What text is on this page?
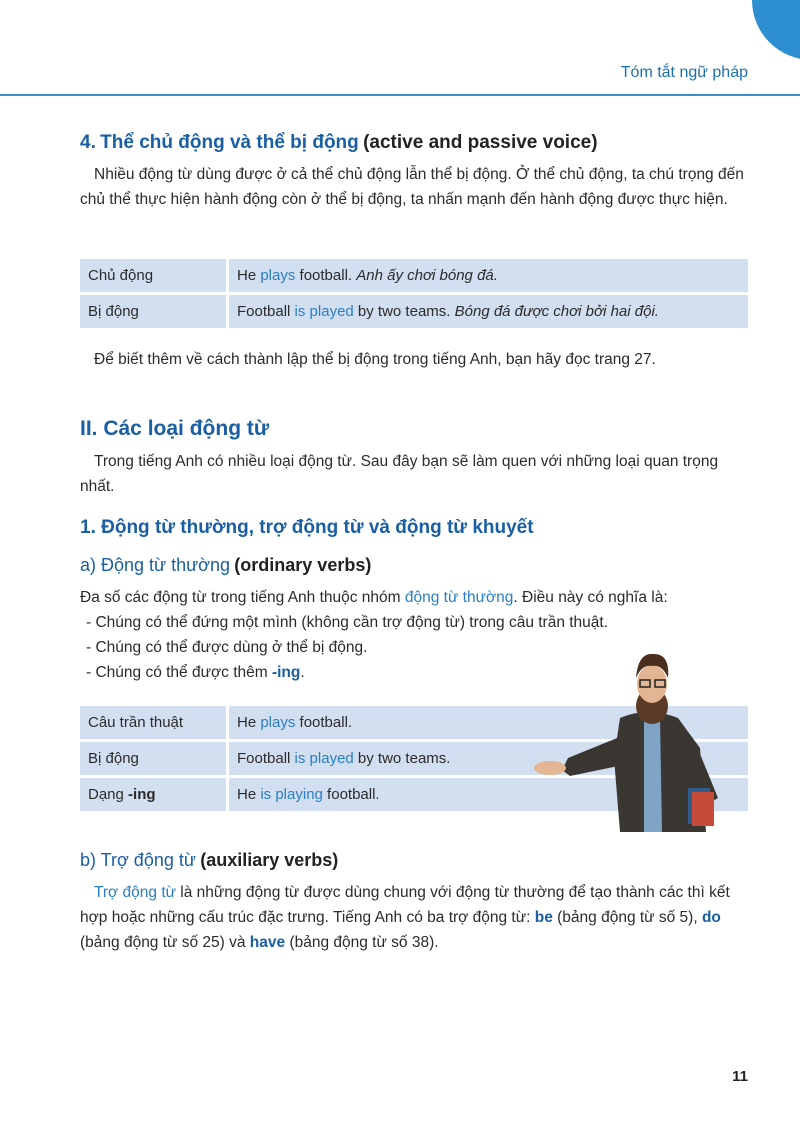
Tóm tắt ngữ pháp
4. Thể chủ động và thể bị động (active and passive voice)
Nhiều động từ dùng được ở cả thể chủ động lẫn thể bị động. Ở thể chủ động, ta chú trọng đến chủ thể thực hiện hành động còn ở thể bị động, ta nhấn mạnh đến hành động được thực hiện.
Chủ động	He plays football. Anh ấy chơi bóng đá.
Bị động	Football is played by two teams. Bóng đá được chơi bởi hai đội.
Để biết thêm về cách thành lập thể bị động trong tiếng Anh, bạn hãy đọc trang 27.
II. Các loại động từ
Trong tiếng Anh có nhiều loại động từ. Sau đây bạn sẽ làm quen với những loại quan trọng nhất.
1. Động từ thường, trợ động từ và động từ khuyết
a) Động từ thường (ordinary verbs)
Đa số các động từ trong tiếng Anh thuộc nhóm động từ thường. Điều này có nghĩa là:
- Chúng có thể đứng một mình (không cần trợ động từ) trong câu trần thuật.
- Chúng có thể được dùng ở thể bị động.
- Chúng có thể được thêm -ing.
Câu trần thuật	He plays football.
Bị động	Football is played by two teams.
Dạng -ing	He is playing football.
b) Trợ động từ (auxiliary verbs)
Trợ động từ là những động từ được dùng chung với động từ thường để tạo thành các thì kết hợp hoặc những cấu trúc đặc trưng. Tiếng Anh có ba trợ động từ: be (bảng động từ số 5), do (bảng động từ số 25) và have (bảng động từ số 38).
11
